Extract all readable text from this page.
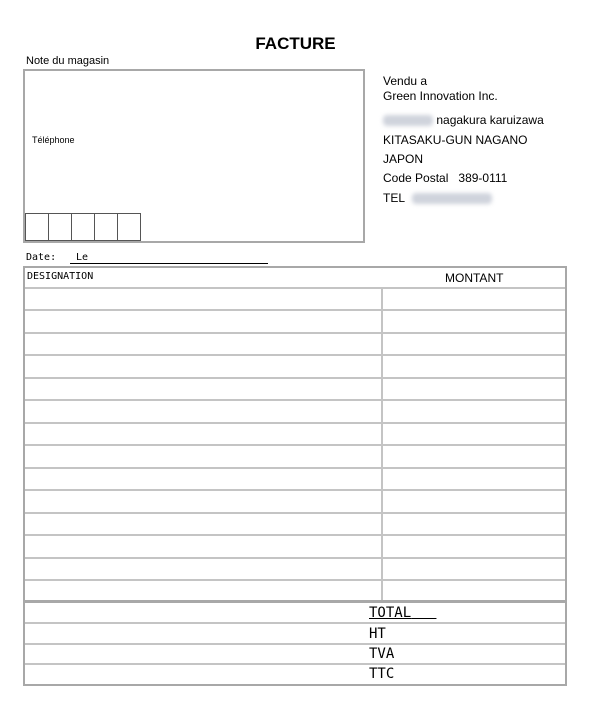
FACTURE
Note du magasin
Téléphone
Vendu a
Green Innovation Inc.
nagakura karuizawa
KITASAKU-GUN NAGANO
JAPON
Code Postal 389-0111
TEL
Date: Le
DESIGNATION	MONTANT
TOTAL
HT
TVA
TTC
